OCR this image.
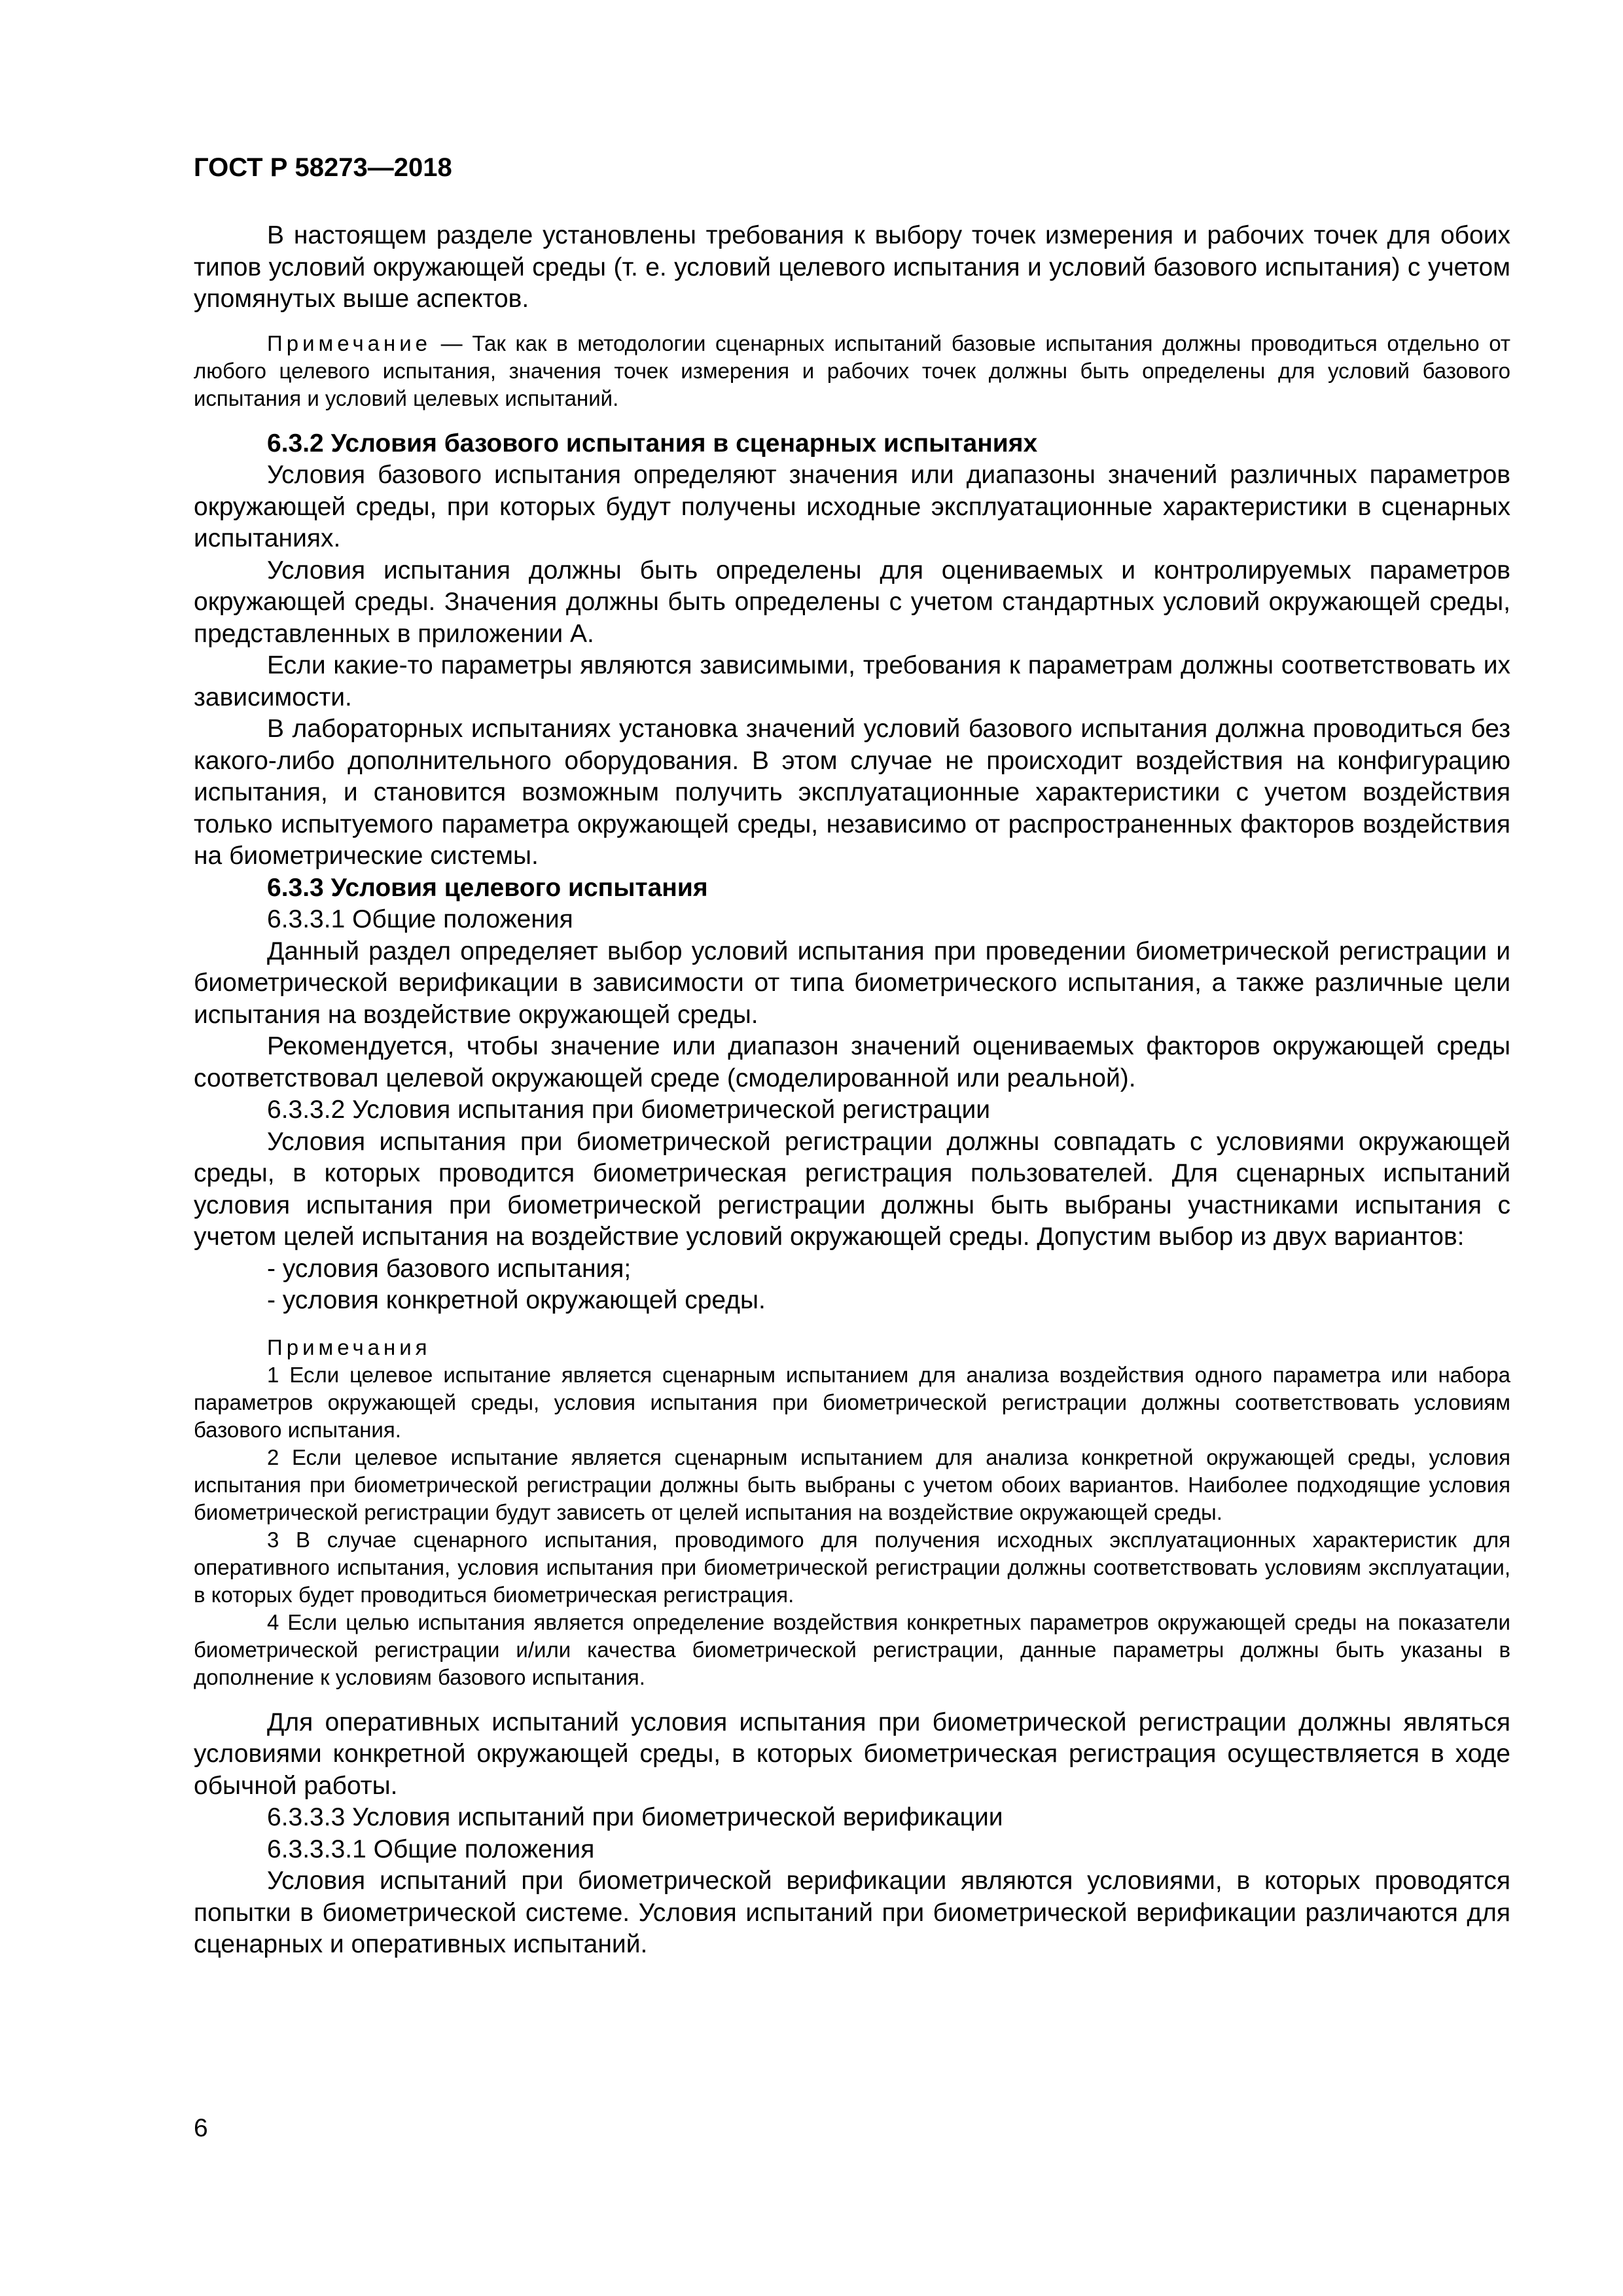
ГОСТ Р 58273—2018

В настоящем разделе установлены требования к выбору точек измерения и рабочих точек для обоих типов условий окружающей среды (т. е. условий целевого испытания и условий базового испытания) с учетом упомянутых выше аспектов.

Примечание — Так как в методологии сценарных испытаний базовые испытания должны проводиться отдельно от любого целевого испытания, значения точек измерения и рабочих точек должны быть определены для условий базового испытания и условий целевых испытаний.

6.3.2 Условия базового испытания в сценарных испытаниях

Условия базового испытания определяют значения или диапазоны значений различных параметров окружающей среды, при которых будут получены исходные эксплуатационные характеристики в сценарных испытаниях.

Условия испытания должны быть определены для оцениваемых и контролируемых параметров окружающей среды. Значения должны быть определены с учетом стандартных условий окружающей среды, представленных в приложении А.

Если какие-то параметры являются зависимыми, требования к параметрам должны соответствовать их зависимости.

В лабораторных испытаниях установка значений условий базового испытания должна проводиться без какого-либо дополнительного оборудования. В этом случае не происходит воздействия на конфигурацию испытания, и становится возможным получить эксплуатационные характеристики с учетом воздействия только испытуемого параметра окружающей среды, независимо от распространенных факторов воздействия на биометрические системы.

6.3.3 Условия целевого испытания

6.3.3.1 Общие положения

Данный раздел определяет выбор условий испытания при проведении биометрической регистрации и биометрической верификации в зависимости от типа биометрического испытания, а также различные цели испытания на воздействие окружающей среды.

Рекомендуется, чтобы значение или диапазон значений оцениваемых факторов окружающей среды соответствовал целевой окружающей среде (смоделированной или реальной).

6.3.3.2 Условия испытания при биометрической регистрации

Условия испытания при биометрической регистрации должны совпадать с условиями окружающей среды, в которых проводится биометрическая регистрация пользователей. Для сценарных испытаний условия испытания при биометрической регистрации должны быть выбраны участниками испытания с учетом целей испытания на воздействие условий окружающей среды. Допустим выбор из двух вариантов:

- условия базового испытания;

- условия конкретной окружающей среды.

Примечания

1 Если целевое испытание является сценарным испытанием для анализа воздействия одного параметра или набора параметров окружающей среды, условия испытания при биометрической регистрации должны соответствовать условиям базового испытания.

2 Если целевое испытание является сценарным испытанием для анализа конкретной окружающей среды, условия испытания при биометрической регистрации должны быть выбраны с учетом обоих вариантов. Наиболее подходящие условия биометрической регистрации будут зависеть от целей испытания на воздействие окружающей среды.

3 В случае сценарного испытания, проводимого для получения исходных эксплуатационных характеристик для оперативного испытания, условия испытания при биометрической регистрации должны соответствовать условиям эксплуатации, в которых будет проводиться биометрическая регистрация.

4 Если целью испытания является определение воздействия конкретных параметров окружающей среды на показатели биометрической регистрации и/или качества биометрической регистрации, данные параметры должны быть указаны в дополнение к условиям базового испытания.

Для оперативных испытаний условия испытания при биометрической регистрации должны являться условиями конкретной окружающей среды, в которых биометрическая регистрация осуществляется в ходе обычной работы.

6.3.3.3 Условия испытаний при биометрической верификации

6.3.3.3.1 Общие положения

Условия испытаний при биометрической верификации являются условиями, в которых проводятся попытки в биометрической системе. Условия испытаний при биометрической верификации различаются для сценарных и оперативных испытаний.

6
